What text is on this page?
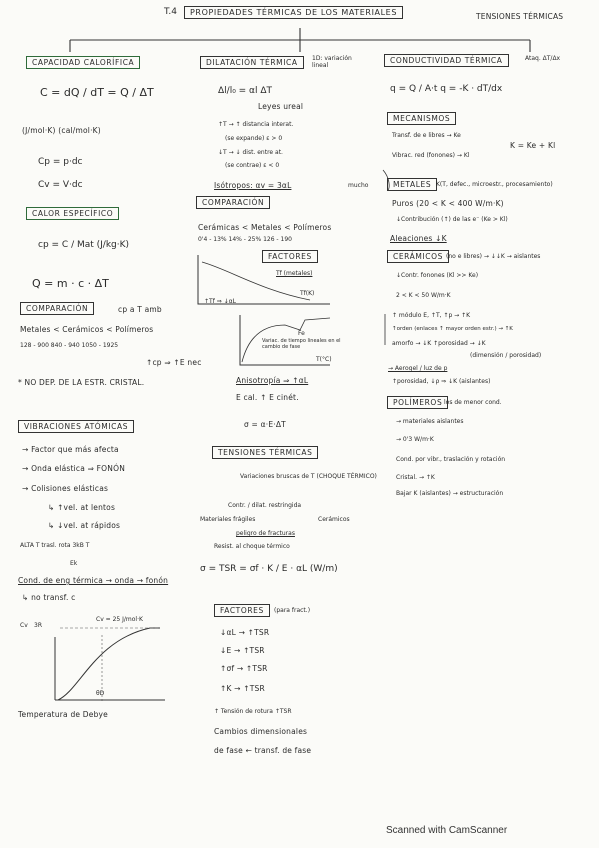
T.4	PROPIEDADES TÉRMICAS DE LOS MATERIALES	TENSIONES TÉRMICAS
CAPACIDAD CALORÍFICA
C = dQ / dT = Q / ΔT
(J/mol·K) (cal/mol·K)
Cp = p·dc
Cv = V·dc
CALOR ESPECÍFICO
cp = C / Mat (J/kg·K)
Q = m · c · ΔT
COMPARACIÓN	cp a T amb
Metales < Cerámicos < Polímeros
128 - 900 840 - 940 1050 - 1925
↑cp ⇒ ↑E nec
* NO DEP. DE LA ESTR. CRISTAL.
VIBRACIONES ATÓMICAS
→ Factor que más afecta
→ Onda elástica ⇒ FONÓN
→ Colisiones elásticas
↳ ↑vel. at lentos
↳ ↓vel. at rápidos
ALTA T trasl. rota 3kB T
Ek
Cond. de eng térmica → onda → fonón
↳ no transf. c
Cv 3R
Cv = 25 J/mol·K
θD
Temperatura de Debye
DILATACIÓN TÉRMICA	1D: variación lineal
Δl/l₀ = αl ΔT
Leyes ureal
↑T → ↑ distancia interat.
(se expande) ε > 0
↓T → ↓ dist. entre at.
(se contrae) ε < 0
Isótropos: αv = 3αL
COMPARACIÓN
Cerámicas < Metales < Polímeros
0'4 - 13% 14% - 25% 126 - 190
FACTORES
Tf (metales)
Tf(K)
↑Tf ⇒ ↓αL
Fe
Variac. de tiempo lineales en el cambio de fase
T(°C)
Anisotropía ⇒ ↑αL
E cal. ↑ E cinét.
σ = α·E·ΔT
TENSIONES TÉRMICAS
Variaciones bruscas de T (CHOQUE TÉRMICO)
Contr. / dilat. restringida
Materiales frágiles	Cerámicos
peligro de fracturas
Resist. al choque térmico
σ = TSR = σf · K / E · αL (W/m)
FACTORES	(para fract.)
↓αL → ↑TSR
↓E → ↑TSR
↑σf → ↑TSR
↑K → ↑TSR
↑ Tensión de rotura ↑TSR
Cambios dimensionales
de fase ← transf. de fase
CONDUCTIVIDAD TÉRMICA	Ataq. ΔT/Δx
q = Q / A·t q = -K · dT/dx
MECANISMOS
Transf. de e libres → Ke
Vibrac. red (fonones) → Kl
K = Ke + Kl
METALES
mucho	K(T, defec., microestr., procesamiento)
Puros (20 < K < 400 W/m·K)
↓Contribución (↑) de las e⁻ (Ke > Kl)
Aleaciones ↓K
CERÁMICOS (no e libres) → ↓↓K → aislantes
↓Contr. fonones (Kl >> Ke)
2 < K < 50 W/m·K
↑ módulo E, ↑T, ↑p → ↑K
↑orden (enlaces ↑ mayor orden estr.) → ↑K
amorfo → ↓K ↑porosidad → ↓K
(dimensión / porosidad)
→ Aerogel / luz de p
↑porosidad, ↓ρ ⇒ ↓K (aislantes)
POLÍMEROS los de menor cond.
→ materiales aislantes
→ 0'3 W/m·K
Cond. por vibr., traslación y rotación
Cristal. → ↑K
Bajar K (aislantes) → estructuración
Scanned with CamScanner
